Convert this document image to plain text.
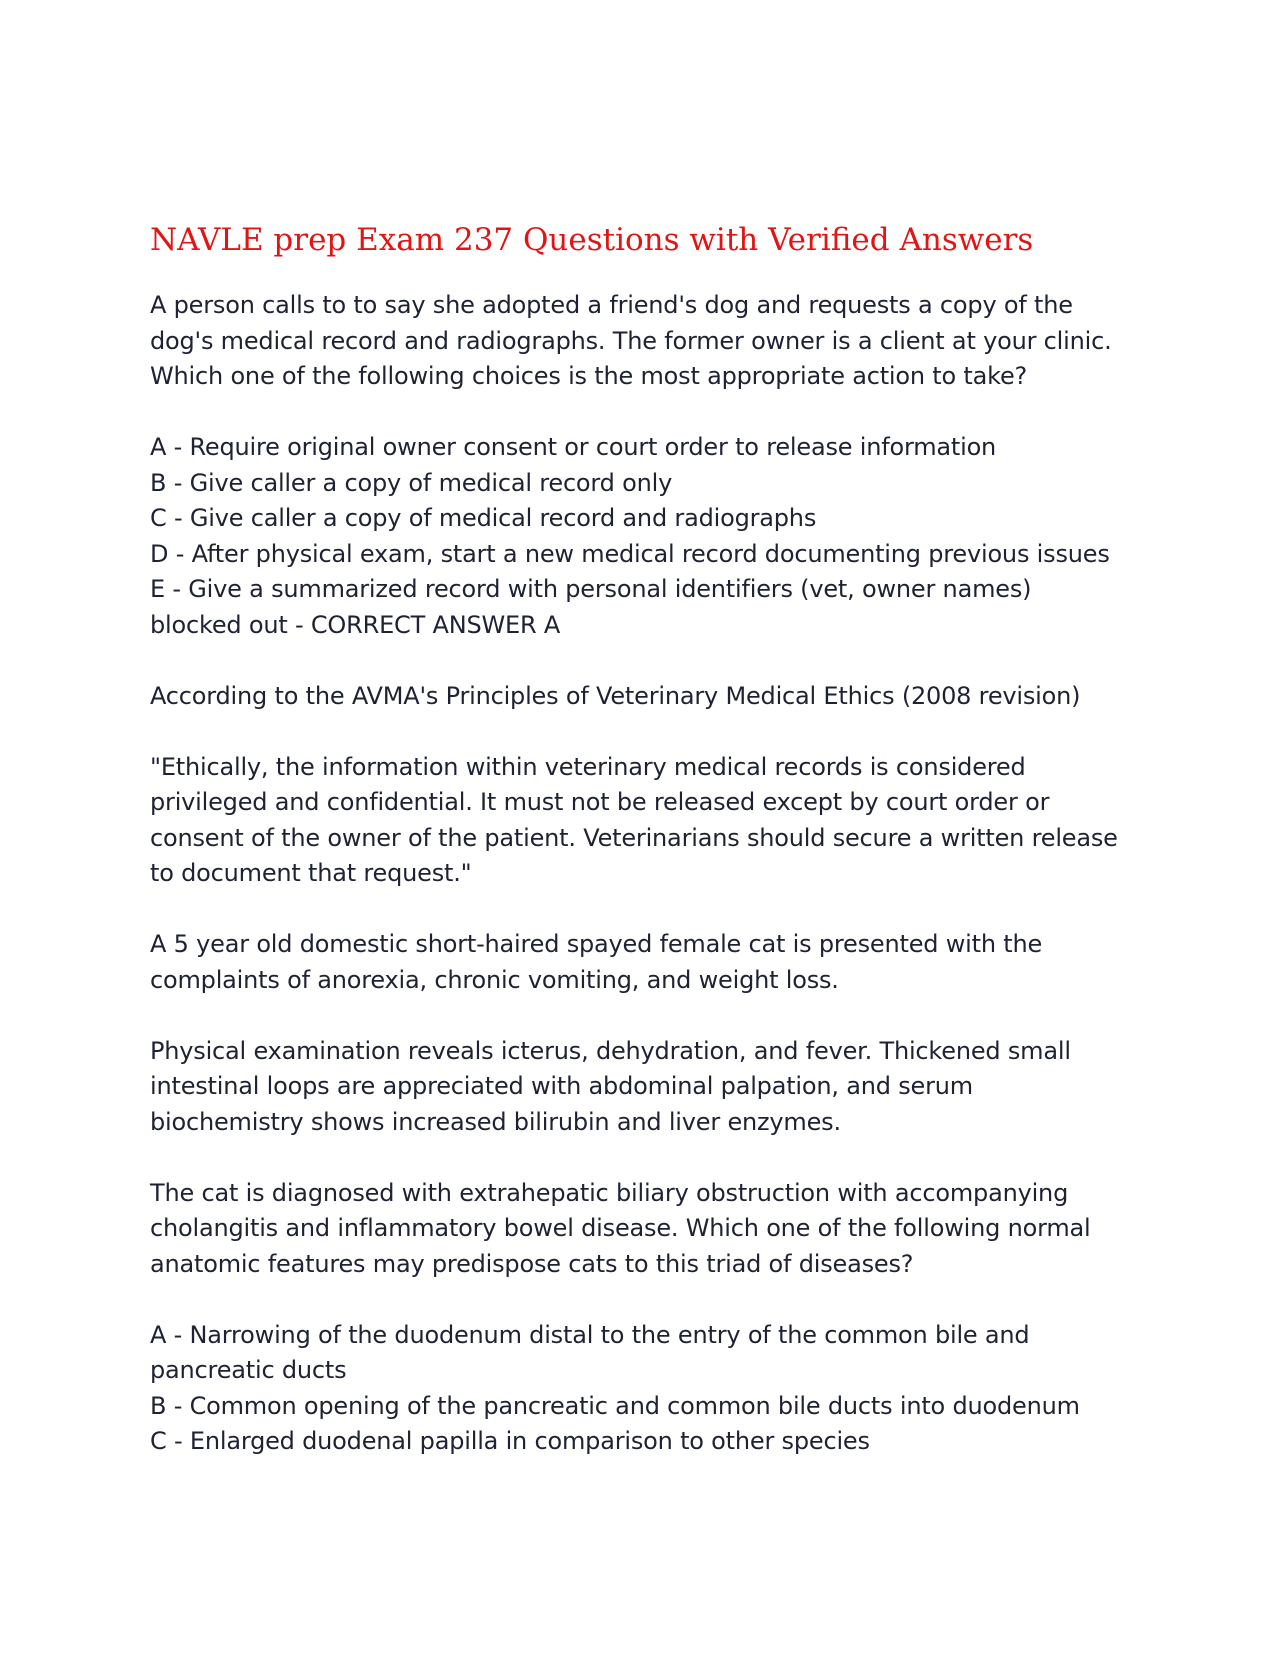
NAVLE prep Exam 237 Questions with Verified Answers

A person calls to to say she adopted a friend's dog and requests a copy of the
dog's medical record and radiographs. The former owner is a client at your clinic.
Which one of the following choices is the most appropriate action to take?

A - Require original owner consent or court order to release information
B - Give caller a copy of medical record only
C - Give caller a copy of medical record and radiographs
D - After physical exam, start a new medical record documenting previous issues
E - Give a summarized record with personal identifiers (vet, owner names)
blocked out - CORRECT ANSWER A

According to the AVMA's Principles of Veterinary Medical Ethics (2008 revision)

"Ethically, the information within veterinary medical records is considered
privileged and confidential. It must not be released except by court order or
consent of the owner of the patient. Veterinarians should secure a written release
to document that request."

A 5 year old domestic short-haired spayed female cat is presented with the
complaints of anorexia, chronic vomiting, and weight loss.

Physical examination reveals icterus, dehydration, and fever. Thickened small
intestinal loops are appreciated with abdominal palpation, and serum
biochemistry shows increased bilirubin and liver enzymes.

The cat is diagnosed with extrahepatic biliary obstruction with accompanying
cholangitis and inflammatory bowel disease. Which one of the following normal
anatomic features may predispose cats to this triad of diseases?

A - Narrowing of the duodenum distal to the entry of the common bile and
pancreatic ducts
B - Common opening of the pancreatic and common bile ducts into duodenum
C - Enlarged duodenal papilla in comparison to other species
